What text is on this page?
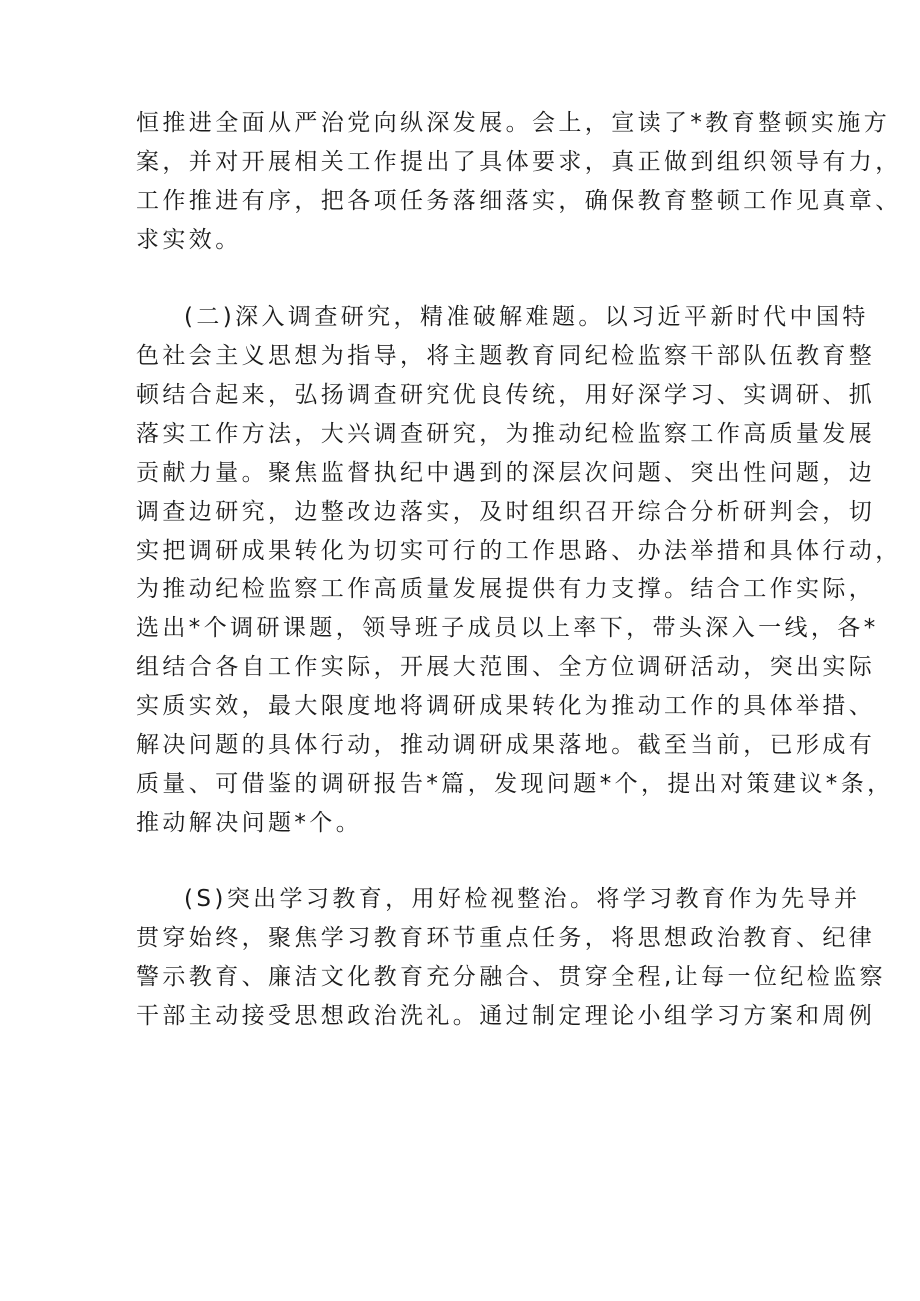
恒推进全面从严治党向纵深发展。会上，宣读了*教育整顿实施方
案，并对开展相关工作提出了具体要求，真正做到组织领导有力，
工作推进有序，把各项任务落细落实，确保教育整顿工作见真章、
求实效。
(二)深入调查研究，精准破解难题。以习近平新时代中国特
色社会主义思想为指导，将主题教育同纪检监察干部队伍教育整
顿结合起来，弘扬调查研究优良传统，用好深学习、实调研、抓
落实工作方法，大兴调查研究，为推动纪检监察工作高质量发展
贡献力量。聚焦监督执纪中遇到的深层次问题、突出性问题，边
调查边研究，边整改边落实，及时组织召开综合分析研判会，切
实把调研成果转化为切实可行的工作思路、办法举措和具体行动，
为推动纪检监察工作高质量发展提供有力支撑。结合工作实际，
选出*个调研课题，领导班子成员以上率下，带头深入一线，各*
组结合各自工作实际，开展大范围、全方位调研活动，突出实际
实质实效，最大限度地将调研成果转化为推动工作的具体举措、
解决问题的具体行动，推动调研成果落地。截至当前，已形成有
质量、可借鉴的调研报告*篇，发现问题*个，提出对策建议*条，
推动解决问题*个。
(S)突出学习教育，用好检视整治。将学习教育作为先导并
贯穿始终，聚焦学习教育环节重点任务，将思想政治教育、纪律
警示教育、廉洁文化教育充分融合、贯穿全程,让每一位纪检监察
干部主动接受思想政治洗礼。通过制定理论小组学习方案和周例
